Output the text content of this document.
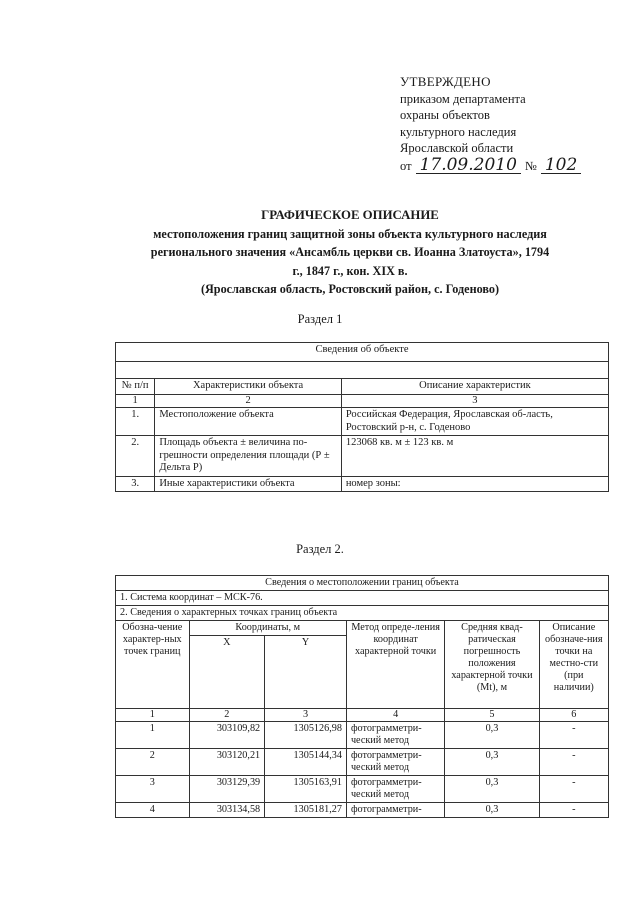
УТВЕРЖДЕНО
приказом департамента
охраны объектов
культурного наследия
Ярославской области
от 17.09.2010 № 102
ГРАФИЧЕСКОЕ ОПИСАНИЕ
местоположения границ защитной зоны объекта культурного наследия
регионального значения «Ансамбль церкви св. Иоанна Златоуста», 1794
г., 1847 г., кон. XIX в.
(Ярославская область, Ростовский район, с. Годеново)
Раздел 1
Сведения об объекте		

№ п/п	Характеристики объекта	Описание характеристик
1	2	3
1.	Местоположение объекта	Российская Федерация, Ярославская об-ласть, Ростовский р-н, с. Годеново
2.	Площадь объекта ± величина по-грешности определения площади (Р ± Дельта Р)	123068 кв. м ± 123 кв. м
3.	Иные характеристики объекта	номер зоны:
Раздел 2.
Сведения о местоположении границ объекта					
1. Система координат – МСК-76.					
2. Сведения о характерных точках границ объекта					
Обозна-чение характер-ных точек границ	Координаты, м		Метод опреде-ления координат характерной точки	Средняя квад-ратическая погрешность положения характерной точки (Mt), м	Описание обозначе-ния точки на местно-сти (при наличии)
	X	Y			
1	2	3	4	5	6
1	303109,82	1305126,98	фотограмметри-ческий метод	0,3	-
2	303120,21	1305144,34	фотограмметри-ческий метод	0,3	-
3	303129,39	1305163,91	фотограмметри-ческий метод	0,3	-
4	303134,58	1305181,27	фотограмметри-	0,3	-
